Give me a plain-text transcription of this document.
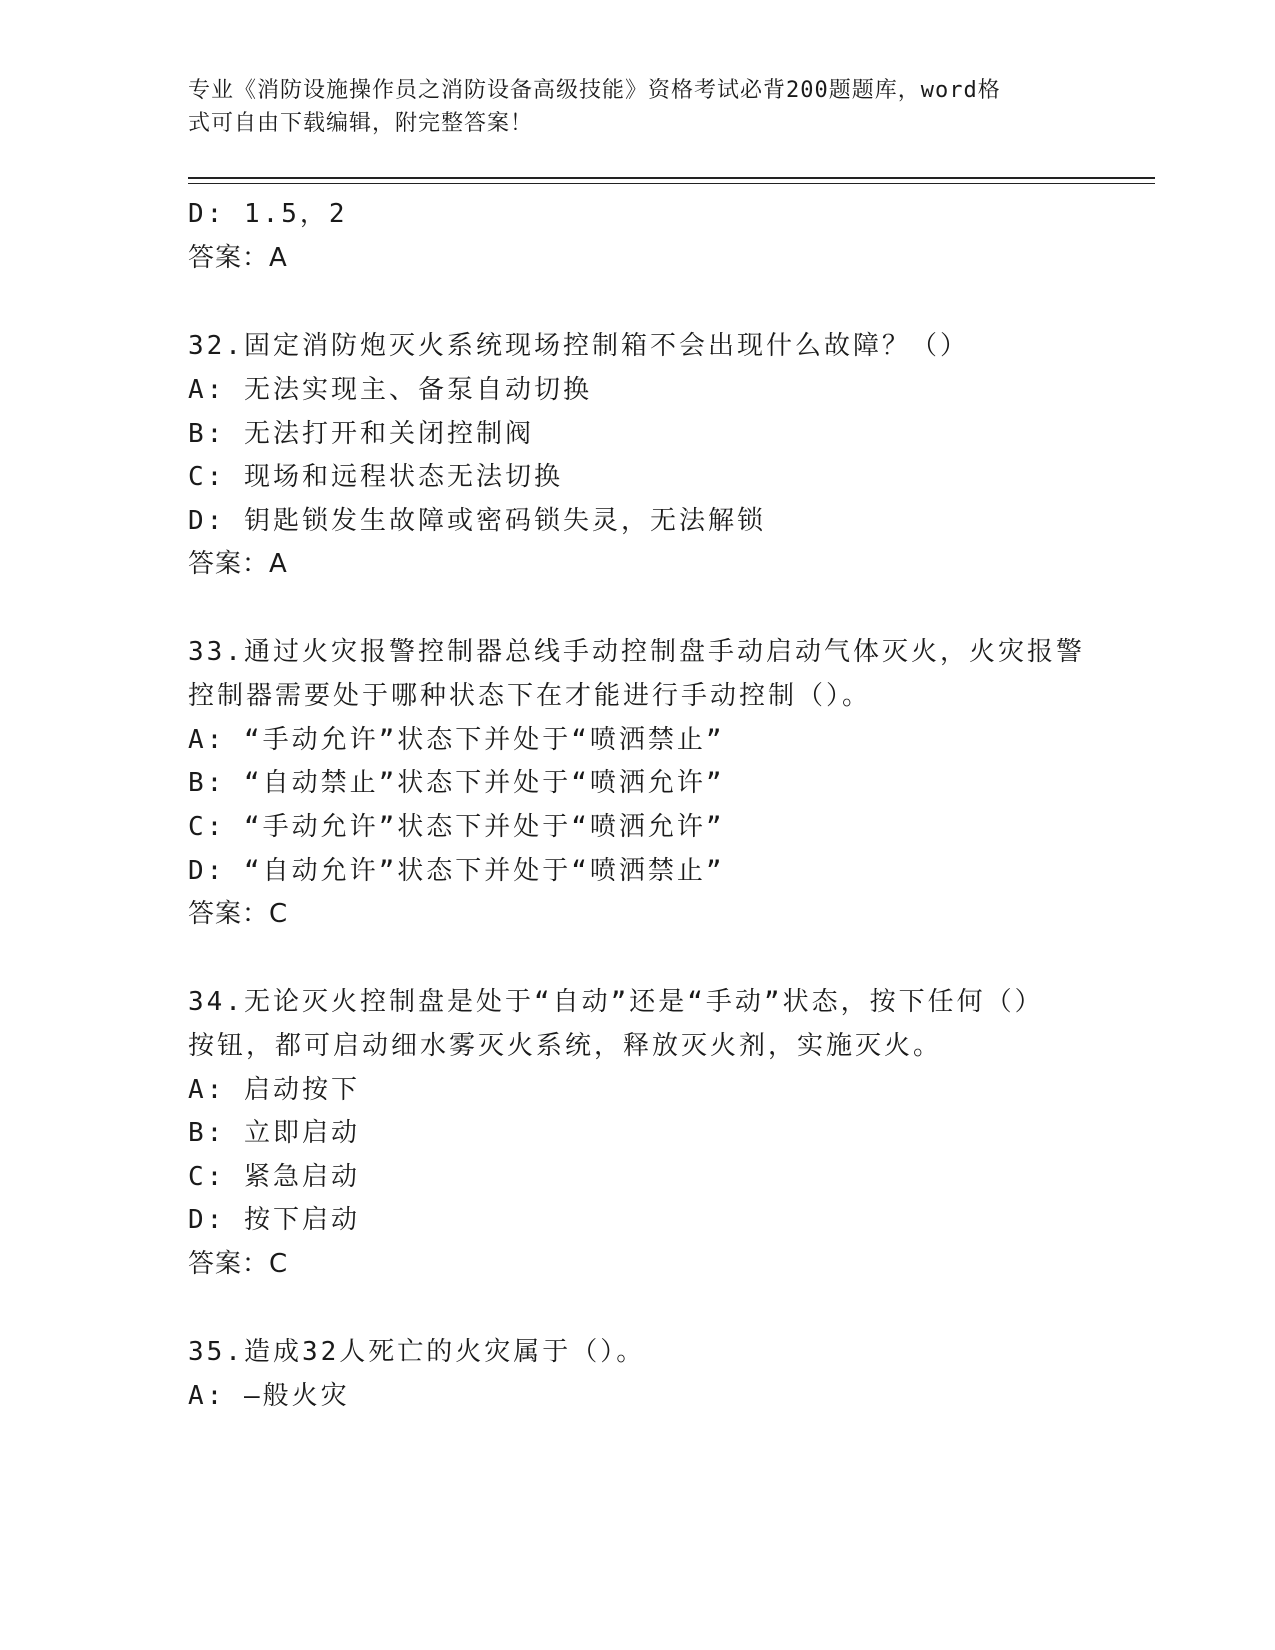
专业《消防设施操作员之消防设备高级技能》资格考试必背200题题库，word格
式可自由下载编辑，附完整答案！
D: 1.5，2
答案：A
32.固定消防炮灭火系统现场控制箱不会出现什么故障？（）
A: 无法实现主、备泵自动切换
B: 无法打开和关闭控制阀
C: 现场和远程状态无法切换
D: 钥匙锁发生故障或密码锁失灵，无法解锁
答案：A
33.通过火灾报警控制器总线手动控制盘手动启动气体灭火，火灾报警
控制器需要处于哪种状态下在才能进行手动控制（）。
A: “手动允许”状态下并处于“喷洒禁止”
B: “自动禁止”状态下并处于“喷洒允许”
C: “手动允许”状态下并处于“喷洒允许”
D: “自动允许”状态下并处于“喷洒禁止”
答案：C
34.无论灭火控制盘是处于“自动”还是“手动”状态，按下任何（）
按钮，都可启动细水雾灭火系统，释放灭火剂，实施灭火。
A: 启动按下
B: 立即启动
C: 紧急启动
D: 按下启动
答案：C
35.造成32人死亡的火灾属于（）。
A: —般火灾
